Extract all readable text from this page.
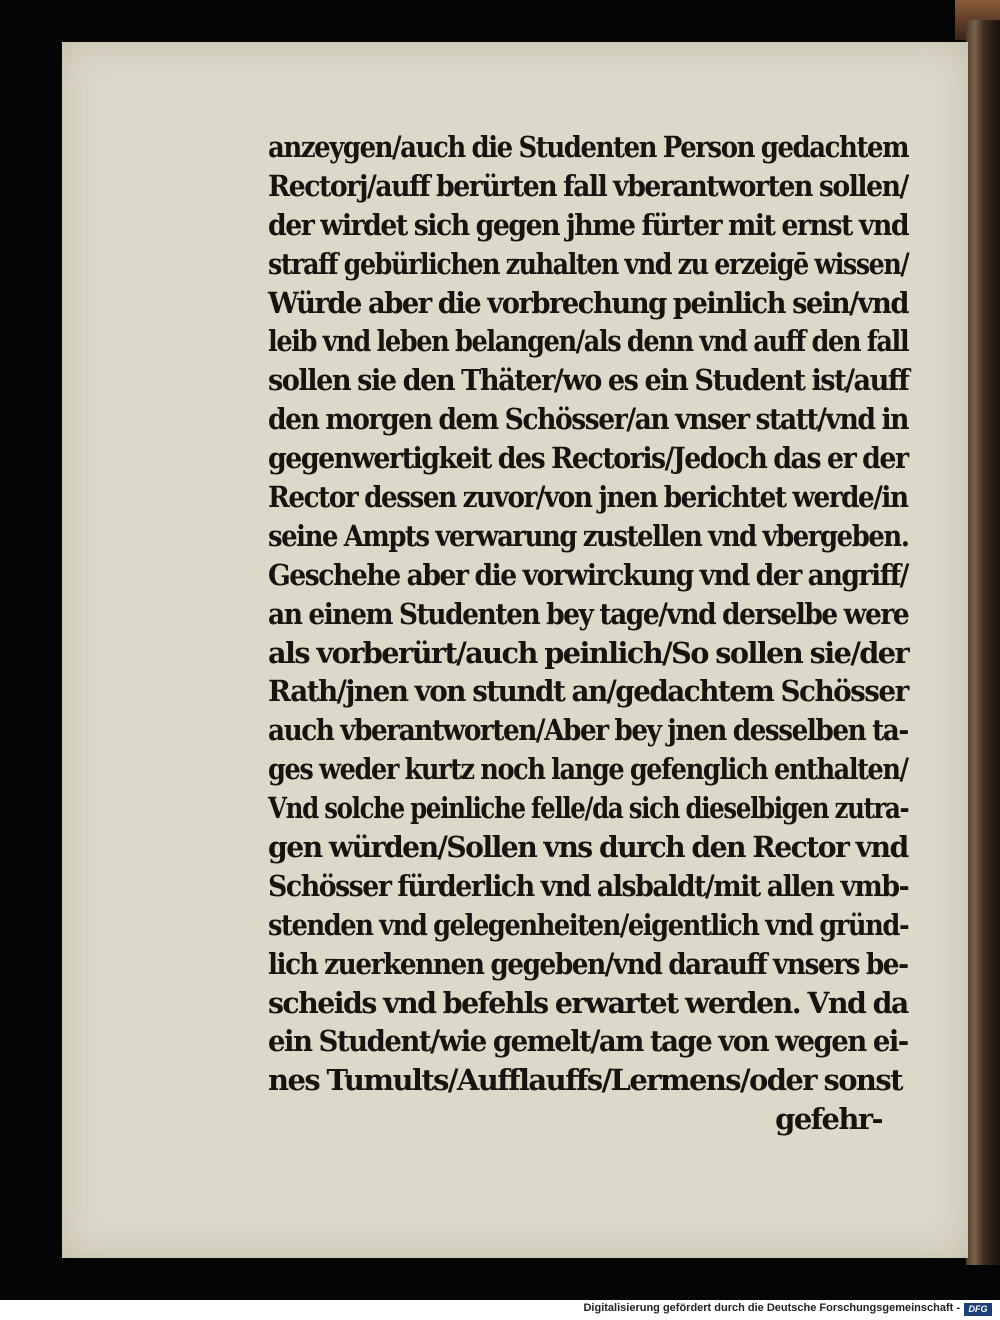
anzeygen/auch die Studenten Person gedachtem
Rectorj/auff berürten fall vberantworten sollen/
der wirdet sich gegen jhme fürter mit ernst vnd
straff gebürlichen zuhalten vnd zu erzeigē wissen/
Würde aber die vorbrechung peinlich sein/vnd
leib vnd leben belangen/als denn vnd auff den fall
sollen sie den Thäter/wo es ein Student ist/auff
den morgen dem Schösser/an vnser statt/vnd in
gegenwertigkeit des Rectoris/Jedoch das er der
Rector dessen zuvor/von jnen berichtet werde/in
seine Ampts verwarung zustellen vnd vbergeben.
Geschehe aber die vorwirckung vnd der angriff/
an einem Studenten bey tage/vnd derselbe were
als vorberürt/auch peinlich/So sollen sie/der
Rath/jnen von stundt an/gedachtem Schösser
auch vberantworten/Aber bey jnen desselben ta-
ges weder kurtz noch lange gefenglich enthalten/
Vnd solche peinliche felle/da sich dieselbigen zutra-
gen würden/Sollen vns durch den Rector vnd
Schösser fürderlich vnd alsbaldt/mit allen vmb-
stenden vnd gelegenheiten/eigentlich vnd gründ-
lich zuerkennen gegeben/vnd darauff vnsers be-
scheids vnd befehls erwartet werden. Vnd da
ein Student/wie gemelt/am tage von wegen ei-
nes Tumults/Aufflauffs/Lermens/oder sonst
gefehr-
Digitalisierung gefördert durch die Deutsche Forschungsgemeinschaft - DFG
